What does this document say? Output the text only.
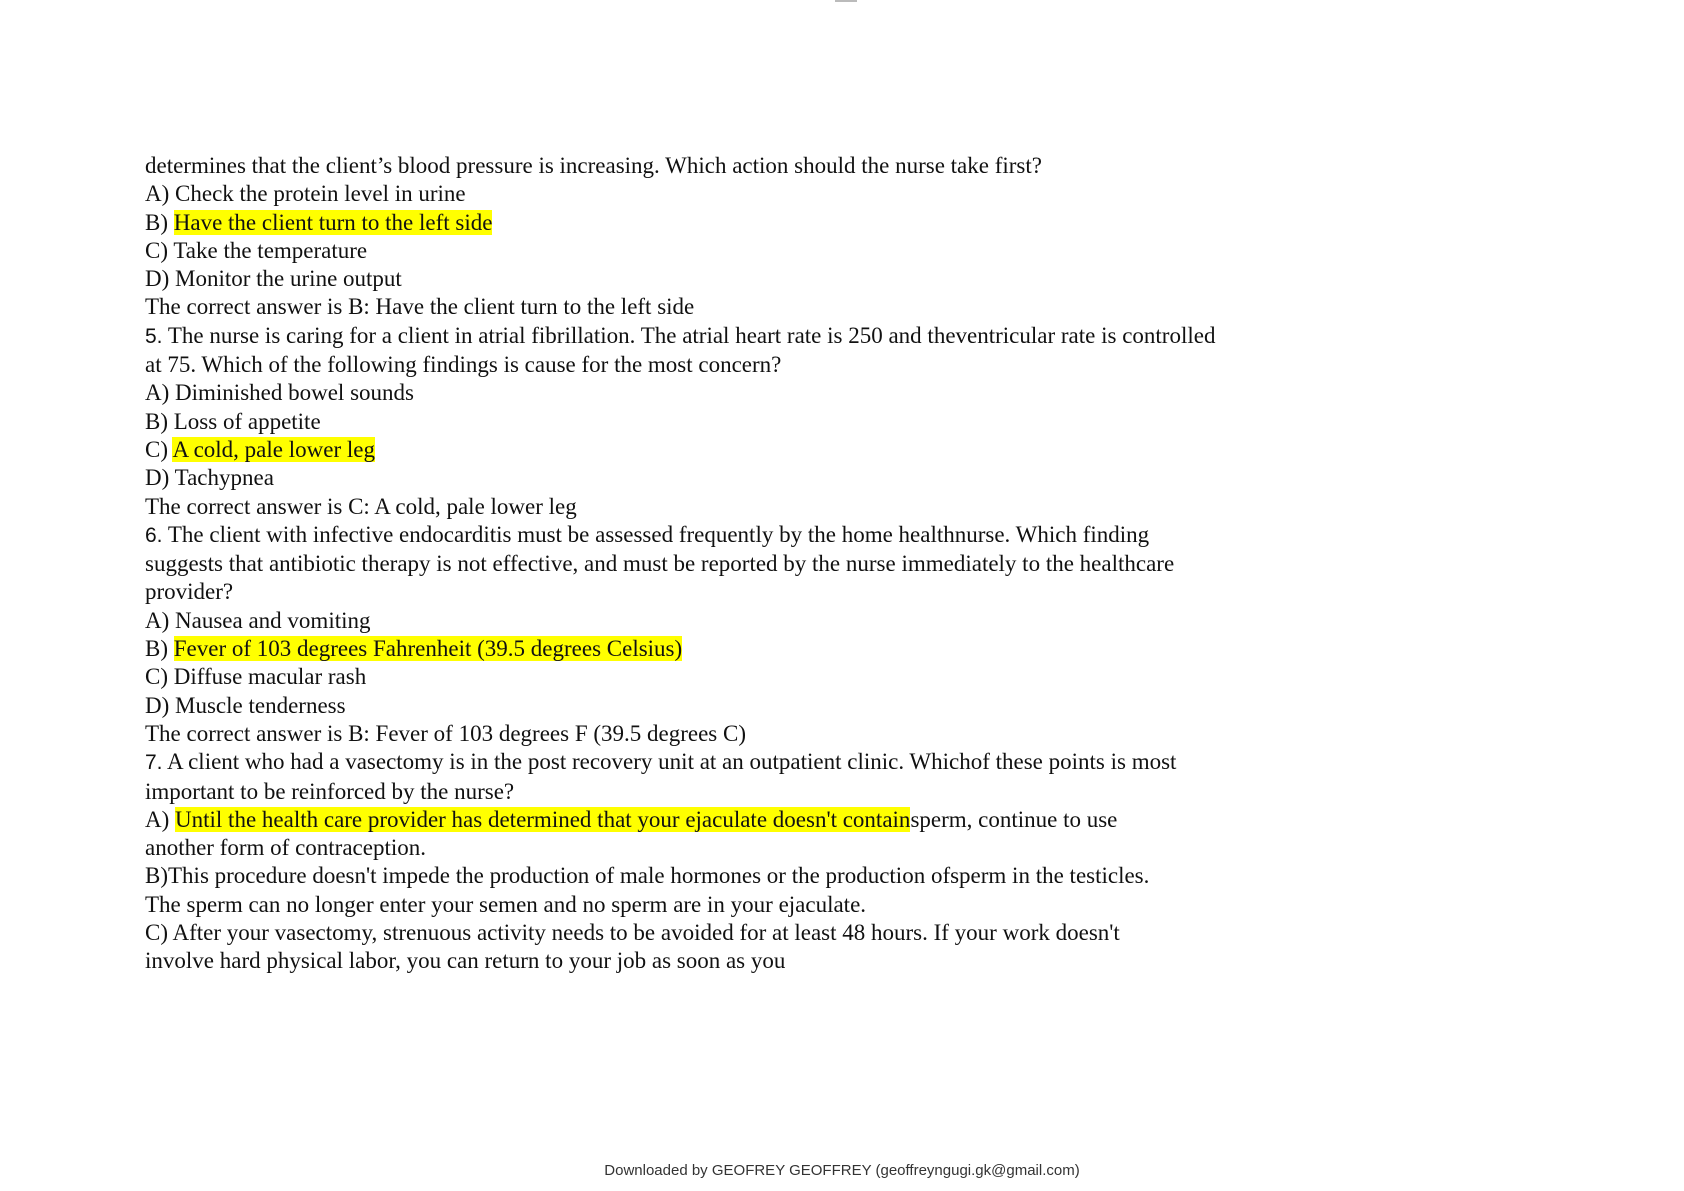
determines that the client’s blood pressure is increasing. Which action should the nurse take first?
A) Check the protein level in urine
B) Have the client turn to the left side
C) Take the temperature
D) Monitor the urine output
The correct answer is B: Have the client turn to the left side
5. The nurse is caring for a client in atrial fibrillation. The atrial heart rate is 250 and theventricular rate is controlled
at 75. Which of the following findings is cause for the most concern?
A) Diminished bowel sounds
B) Loss of appetite
C) A cold, pale lower leg
D) Tachypnea
The correct answer is C: A cold, pale lower leg
6. The client with infective endocarditis must be assessed frequently by the home healthnurse. Which finding
suggests that antibiotic therapy is not effective, and must be reported by the nurse immediately to the healthcare
provider?
A) Nausea and vomiting
B) Fever of 103 degrees Fahrenheit (39.5 degrees Celsius)
C) Diffuse macular rash
D) Muscle tenderness
The correct answer is B: Fever of 103 degrees F (39.5 degrees C)
7. A client who had a vasectomy is in the post recovery unit at an outpatient clinic. Whichof these points is most
important to be reinforced by the nurse?
A) Until the health care provider has determined that your ejaculate doesn't containsperm, continue to use
another form of contraception.
B)This procedure doesn't impede the production of male hormones or the production ofsperm in the testicles.
The sperm can no longer enter your semen and no sperm are in your ejaculate.
C) After your vasectomy, strenuous activity needs to be avoided for at least 48 hours. If your work doesn't
involve hard physical labor, you can return to your job as soon as you
Downloaded by GEOFREY GEOFFREY (geoffreyngugi.gk@gmail.com)
